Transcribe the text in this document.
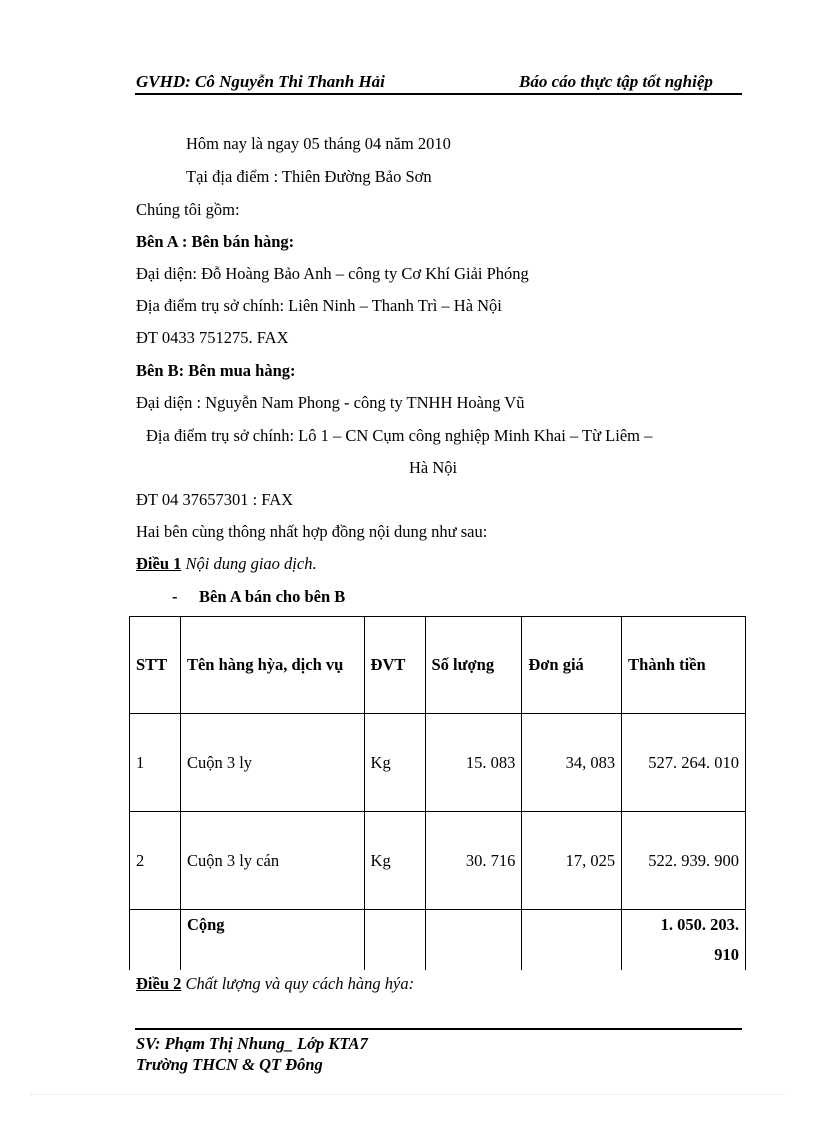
GVHD: Cô Nguyễn Thi Thanh Hải	Báo cáo thực tập tốt nghiệp
Hôm nay là ngay 05 tháng 04 năm 2010
Tại địa điểm : Thiên Đường Bảo Sơn
Chúng tôi gồm:
Bên A : Bên bán hàng:
Đại diện: Đỗ Hoàng Bảo Anh – công ty Cơ Khí Giải Phóng
Địa điểm trụ sở chính: Liên Ninh – Thanh Trì – Hà Nội
ĐT 0433 751275. FAX
Bên B: Bên mua hàng:
Đại diện : Nguyễn Nam Phong - công ty TNHH Hoàng Vũ
Địa điểm trụ sở chính: Lô 1 – CN Cụm công nghiệp Minh Khai – Từ Liêm –
Hà Nội
ĐT 04 37657301 : FAX
Hai bên cùng thông nhất hợp đồng nội dung như sau:
Điều 1 Nội dung giao dịch.
- Bên A bán cho bên B
STT	Tên hàng hỳa, dịch vụ	ĐVT	Số lượng	Đơn giá	Thành tiền
1	Cuộn 3 ly	Kg	15. 083	34, 083	527. 264. 010
2	Cuộn 3 ly cán	Kg	30. 716	17, 025	522. 939. 900
	Cộng				1. 050. 203.
910
Điều 2 Chất lượng và quy cách hàng hýa:
SV: Phạm Thị Nhung_ Lớp KTA7
Trường THCN & QT Đông
